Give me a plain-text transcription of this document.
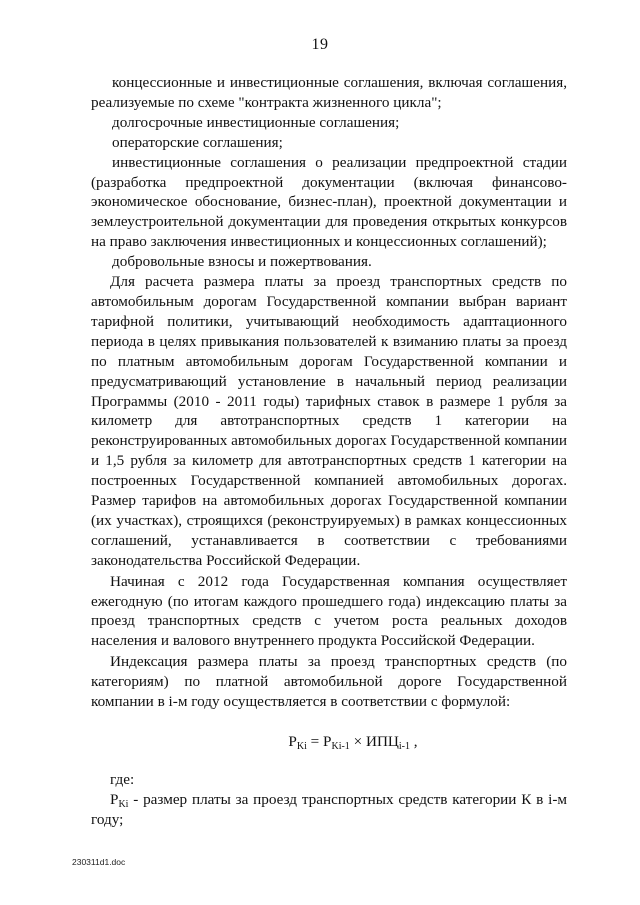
19

концессионные и инвестиционные соглашения, включая соглашения, реализуемые по схеме "контракта жизненного цикла";

долгосрочные инвестиционные соглашения;

операторские соглашения;

инвестиционные соглашения о реализации предпроектной стадии (разработка предпроектной документации (включая финансово-экономическое обоснование, бизнес-план), проектной документации и землеустроительной документации для проведения открытых конкурсов на право заключения инвестиционных и концессионных соглашений);

добровольные взносы и пожертвования.

Для расчета размера платы за проезд транспортных средств по автомобильным дорогам Государственной компании выбран вариант тарифной политики, учитывающий необходимость адаптационного периода в целях привыкания пользователей к взиманию платы за проезд по платным автомобильным дорогам Государственной компании и предусматривающий установление в начальный период реализации Программы (2010 - 2011 годы) тарифных ставок в размере 1 рубля за километр для автотранспортных средств 1 категории на реконструированных автомобильных дорогах Государственной компании и 1,5 рубля за километр для автотранспортных средств 1 категории на построенных Государственной компанией автомобильных дорогах. Размер тарифов на автомобильных дорогах Государственной компании (их участках), строящихся (реконструируемых) в рамках концессионных соглашений, устанавливается в соответствии с требованиями законодательства Российской Федерации.

Начиная с 2012 года Государственная компания осуществляет ежегодную (по итогам каждого прошедшего года) индексацию платы за проезд транспортных средств с учетом роста реальных доходов населения и валового внутреннего продукта Российской Федерации.

Индексация размера платы за проезд транспортных средств (по категориям) по платной автомобильной дороге Государственной компании в i-м году осуществляется в соответствии с формулой:

$P_{Ki} = P_{Ki-1} \times ИПЦ_{i-1}$ ,

где:

$P_{Ki}$ - размер платы за проезд транспортных средств категории К в i-м году;

230311d1.doc
